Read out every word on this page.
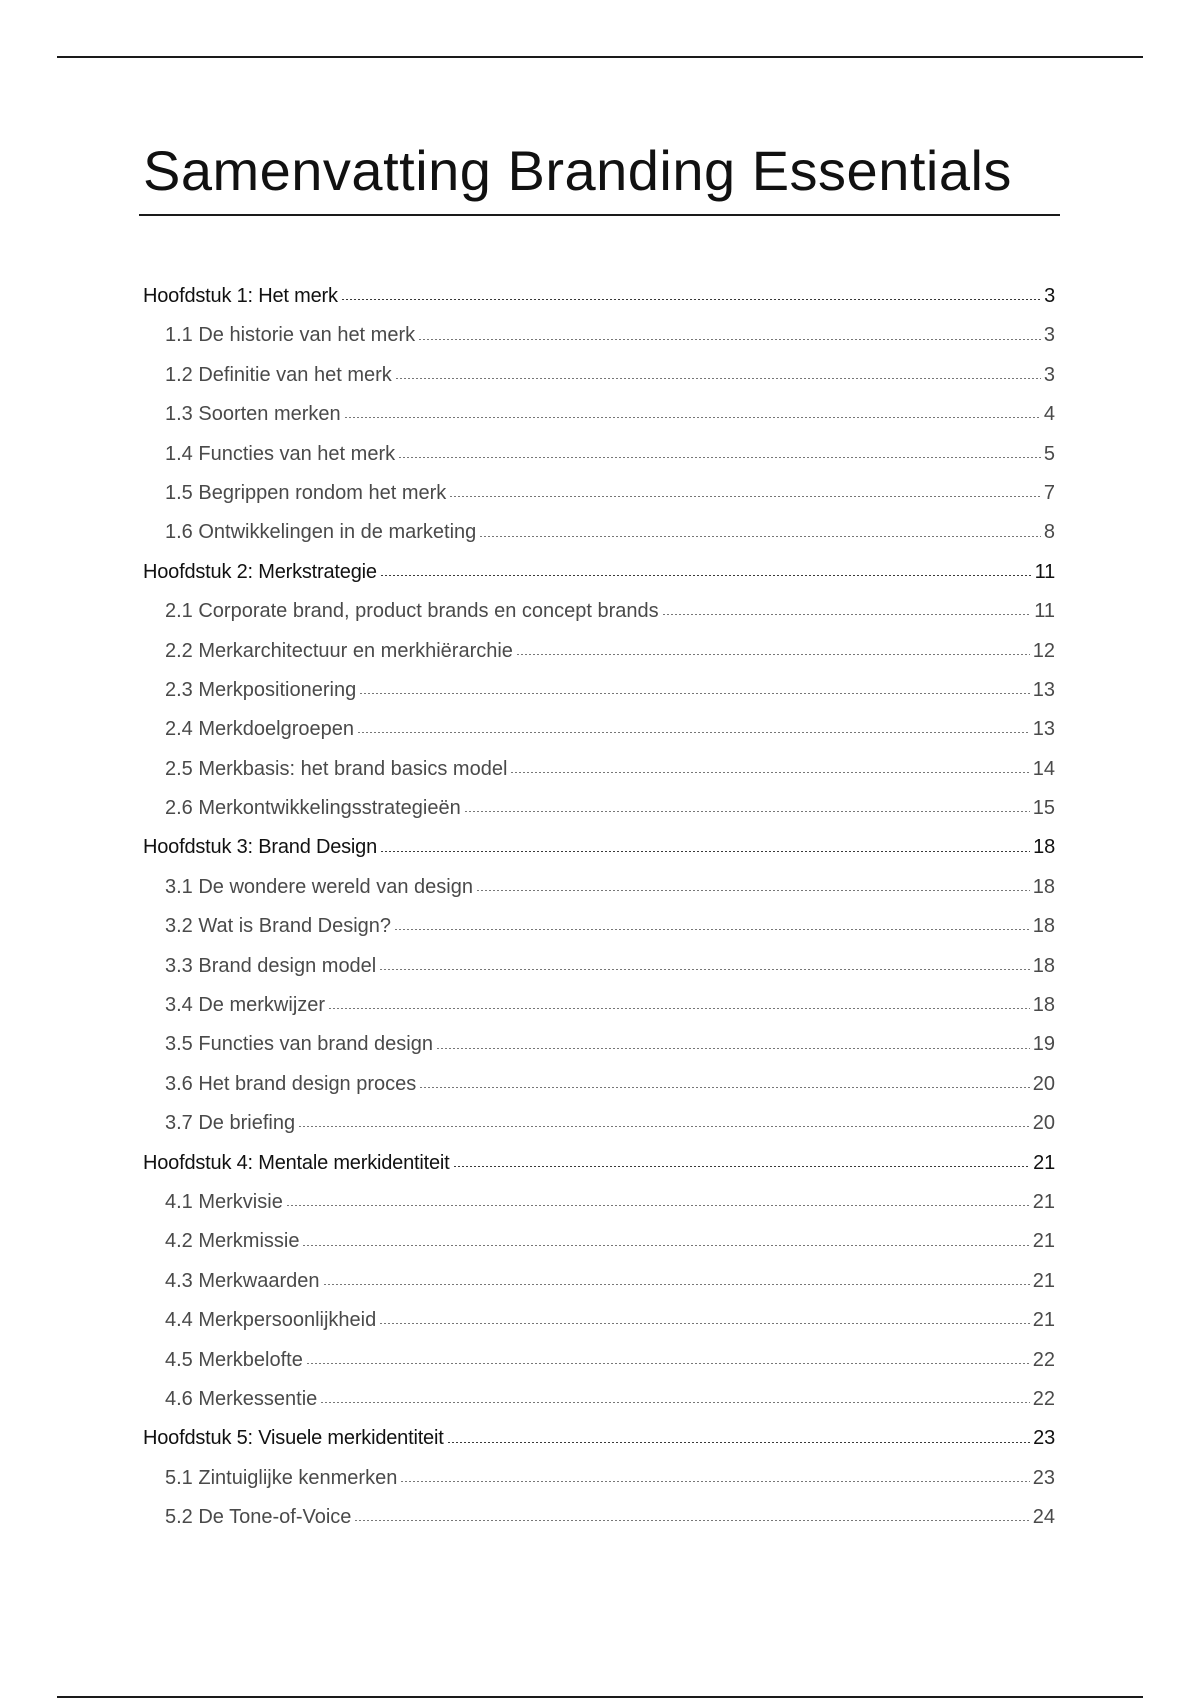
Samenvatting Branding Essentials
Hoofdstuk 1: Het merk	3
1.1 De historie van het merk	3
1.2 Definitie van het merk	3
1.3 Soorten merken	4
1.4 Functies van het merk	5
1.5 Begrippen rondom het merk	7
1.6 Ontwikkelingen in de marketing	8
Hoofdstuk 2: Merkstrategie	11
2.1 Corporate brand, product brands en concept brands	11
2.2 Merkarchitectuur en merkhiërarchie	12
2.3 Merkpositionering	13
2.4 Merkdoelgroepen	13
2.5 Merkbasis: het brand basics model	14
2.6 Merkontwikkelingsstrategieën	15
Hoofdstuk 3: Brand Design	18
3.1 De wondere wereld van design	18
3.2 Wat is Brand Design?	18
3.3 Brand design model	18
3.4 De merkwijzer	18
3.5 Functies van brand design	19
3.6 Het brand design proces	20
3.7 De briefing	20
Hoofdstuk 4: Mentale merkidentiteit	21
4.1 Merkvisie	21
4.2 Merkmissie	21
4.3 Merkwaarden	21
4.4 Merkpersoonlijkheid	21
4.5 Merkbelofte	22
4.6 Merkessentie	22
Hoofdstuk 5: Visuele merkidentiteit	23
5.1 Zintuiglijke kenmerken	23
5.2 De Tone-of-Voice	24
